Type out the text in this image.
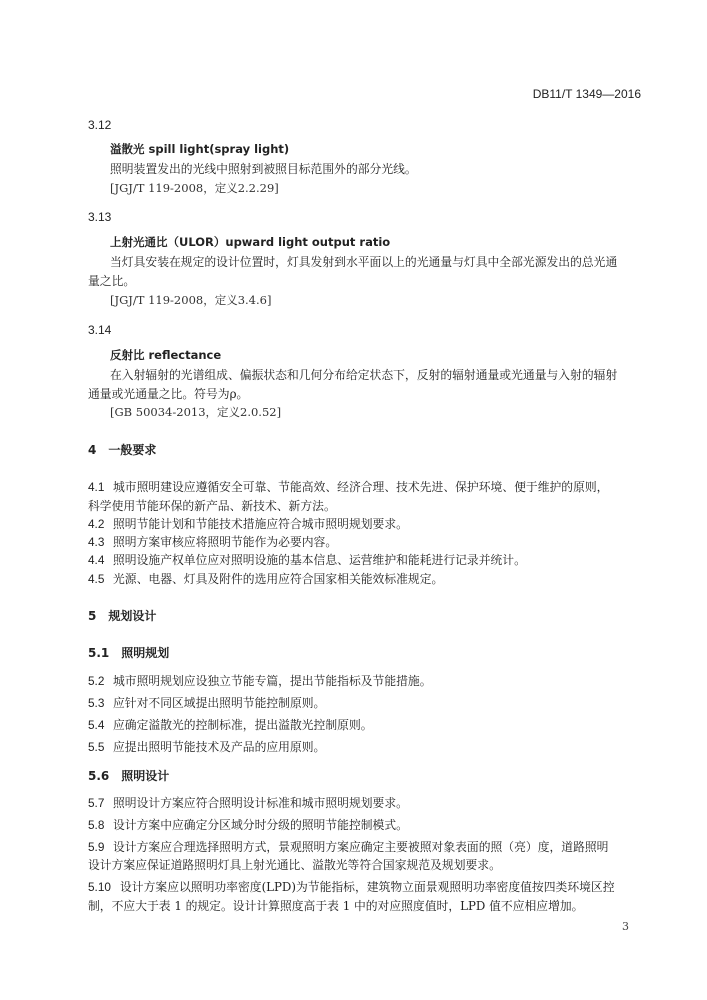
DB11/T 1349—2016
3.12
溢散光 spill light(spray light)
照明装置发出的光线中照射到被照目标范围外的部分光线。
[JGJ/T 119-2008，定义2.2.29]
3.13
上射光通比（ULOR）upward light output ratio
当灯具安装在规定的设计位置时，灯具发射到水平面以上的光通量与灯具中全部光源发出的总光通
量之比。
[JGJ/T 119-2008，定义3.4.6]
3.14
反射比 reflectance
在入射辐射的光谱组成、偏振状态和几何分布给定状态下，反射的辐射通量或光通量与入射的辐射
通量或光通量之比。符号为ρ。
[GB 50034-2013，定义2.0.52]
4　一般要求
4.1 城市照明建设应遵循安全可靠、节能高效、经济合理、技术先进、保护环境、便于维护的原则，
科学使用节能环保的新产品、新技术、新方法。
4.2 照明节能计划和节能技术措施应符合城市照明规划要求。
4.3 照明方案审核应将照明节能作为必要内容。
4.4 照明设施产权单位应对照明设施的基本信息、运营维护和能耗进行记录并统计。
4.5 光源、电器、灯具及附件的选用应符合国家相关能效标准规定。
5　规划设计
5.1　照明规划
5.2 城市照明规划应设独立节能专篇，提出节能指标及节能措施。
5.3 应针对不同区域提出照明节能控制原则。
5.4 应确定溢散光的控制标准，提出溢散光控制原则。
5.5 应提出照明节能技术及产品的应用原则。
5.6　照明设计
5.7 照明设计方案应符合照明设计标准和城市照明规划要求。
5.8 设计方案中应确定分区域分时分级的照明节能控制模式。
5.9 设计方案应合理选择照明方式，景观照明方案应确定主要被照对象表面的照（亮）度，道路照明
设计方案应保证道路照明灯具上射光通比、溢散光等符合国家规范及规划要求。
5.10 设计方案应以照明功率密度(LPD)为节能指标，建筑物立面景观照明功率密度值按四类环境区控
制，不应大于表 1 的规定。设计计算照度高于表 1 中的对应照度值时，LPD 值不应相应增加。
3
